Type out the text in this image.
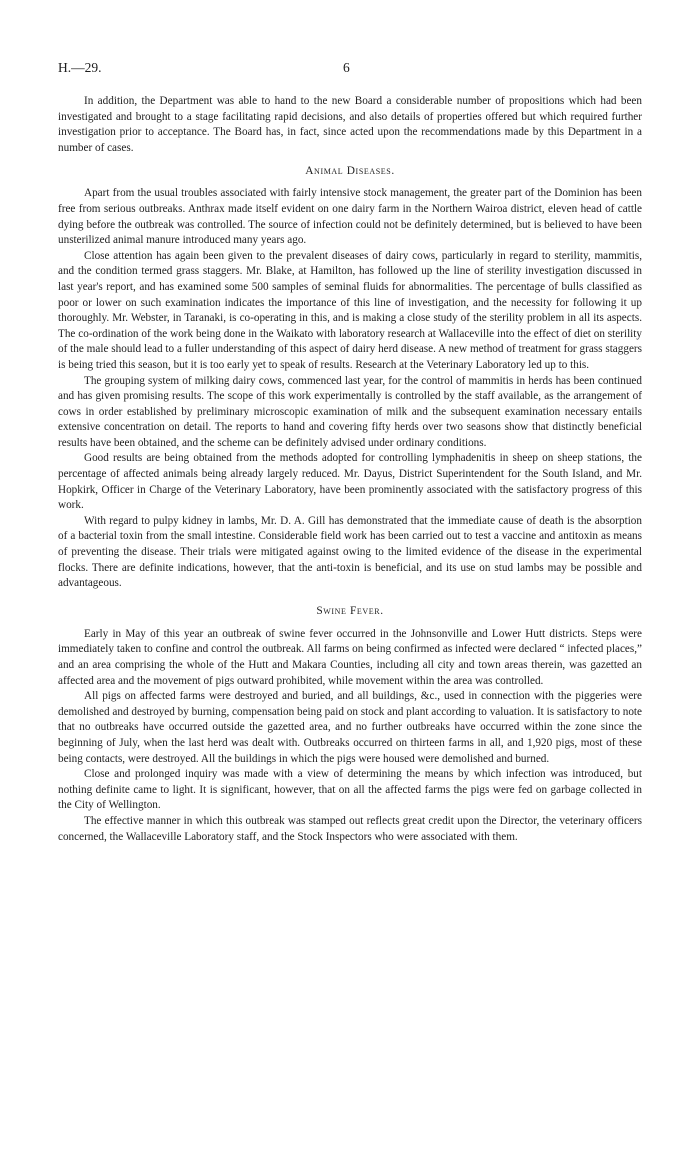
H.—29.	6

In addition, the Department was able to hand to the new Board a considerable number of propositions which had been investigated and brought to a stage facilitating rapid decisions, and also details of properties offered but which required further investigation prior to acceptance. The Board has, in fact, since acted upon the recommendations made by this Department in a number of cases.

Animal Diseases.

Apart from the usual troubles associated with fairly intensive stock management, the greater part of the Dominion has been free from serious outbreaks. Anthrax made itself evident on one dairy farm in the Northern Wairoa district, eleven head of cattle dying before the outbreak was controlled. The source of infection could not be definitely determined, but is believed to have been unsterilized animal manure introduced many years ago.

Close attention has again been given to the prevalent diseases of dairy cows, particularly in regard to sterility, mammitis, and the condition termed grass staggers. Mr. Blake, at Hamilton, has followed up the line of sterility investigation discussed in last year's report, and has examined some 500 samples of seminal fluids for abnormalities. The percentage of bulls classified as poor or lower on such examination indicates the importance of this line of investigation, and the necessity for following it up thoroughly. Mr. Webster, in Taranaki, is co-operating in this, and is making a close study of the sterility problem in all its aspects. The co-ordination of the work being done in the Waikato with laboratory research at Wallaceville into the effect of diet on sterility of the male should lead to a fuller understanding of this aspect of dairy herd disease. A new method of treatment for grass staggers is being tried this season, but it is too early yet to speak of results. Research at the Veterinary Laboratory led up to this.

The grouping system of milking dairy cows, commenced last year, for the control of mammitis in herds has been continued and has given promising results. The scope of this work experimentally is controlled by the staff available, as the arrangement of cows in order established by preliminary microscopic examination of milk and the subsequent examination necessary entails extensive concentration on detail. The reports to hand and covering fifty herds over two seasons show that distinctly beneficial results have been obtained, and the scheme can be definitely advised under ordinary conditions.

Good results are being obtained from the methods adopted for controlling lymphadenitis in sheep on sheep stations, the percentage of affected animals being already largely reduced. Mr. Dayus, District Superintendent for the South Island, and Mr. Hopkirk, Officer in Charge of the Veterinary Laboratory, have been prominently associated with the satisfactory progress of this work.

With regard to pulpy kidney in lambs, Mr. D. A. Gill has demonstrated that the immediate cause of death is the absorption of a bacterial toxin from the small intestine. Considerable field work has been carried out to test a vaccine and antitoxin as means of preventing the disease. Their trials were mitigated against owing to the limited evidence of the disease in the experimental flocks. There are definite indications, however, that the anti-toxin is beneficial, and its use on stud lambs may be possible and advantageous.

Swine Fever.

Early in May of this year an outbreak of swine fever occurred in the Johnsonville and Lower Hutt districts. Steps were immediately taken to confine and control the outbreak. All farms on being confirmed as infected were declared “ infected places,” and an area comprising the whole of the Hutt and Makara Counties, including all city and town areas therein, was gazetted an affected area and the movement of pigs outward prohibited, while movement within the area was controlled.

All pigs on affected farms were destroyed and buried, and all buildings, &c., used in connection with the piggeries were demolished and destroyed by burning, compensation being paid on stock and plant according to valuation. It is satisfactory to note that no outbreaks have occurred outside the gazetted area, and no further outbreaks have occurred within the zone since the beginning of July, when the last herd was dealt with. Outbreaks occurred on thirteen farms in all, and 1,920 pigs, most of these being contacts, were destroyed. All the buildings in which the pigs were housed were demolished and burned.

Close and prolonged inquiry was made with a view of determining the means by which infection was introduced, but nothing definite came to light. It is significant, however, that on all the affected farms the pigs were fed on garbage collected in the City of Wellington.

The effective manner in which this outbreak was stamped out reflects great credit upon the Director, the veterinary officers concerned, the Wallaceville Laboratory staff, and the Stock Inspectors who were associated with them.
